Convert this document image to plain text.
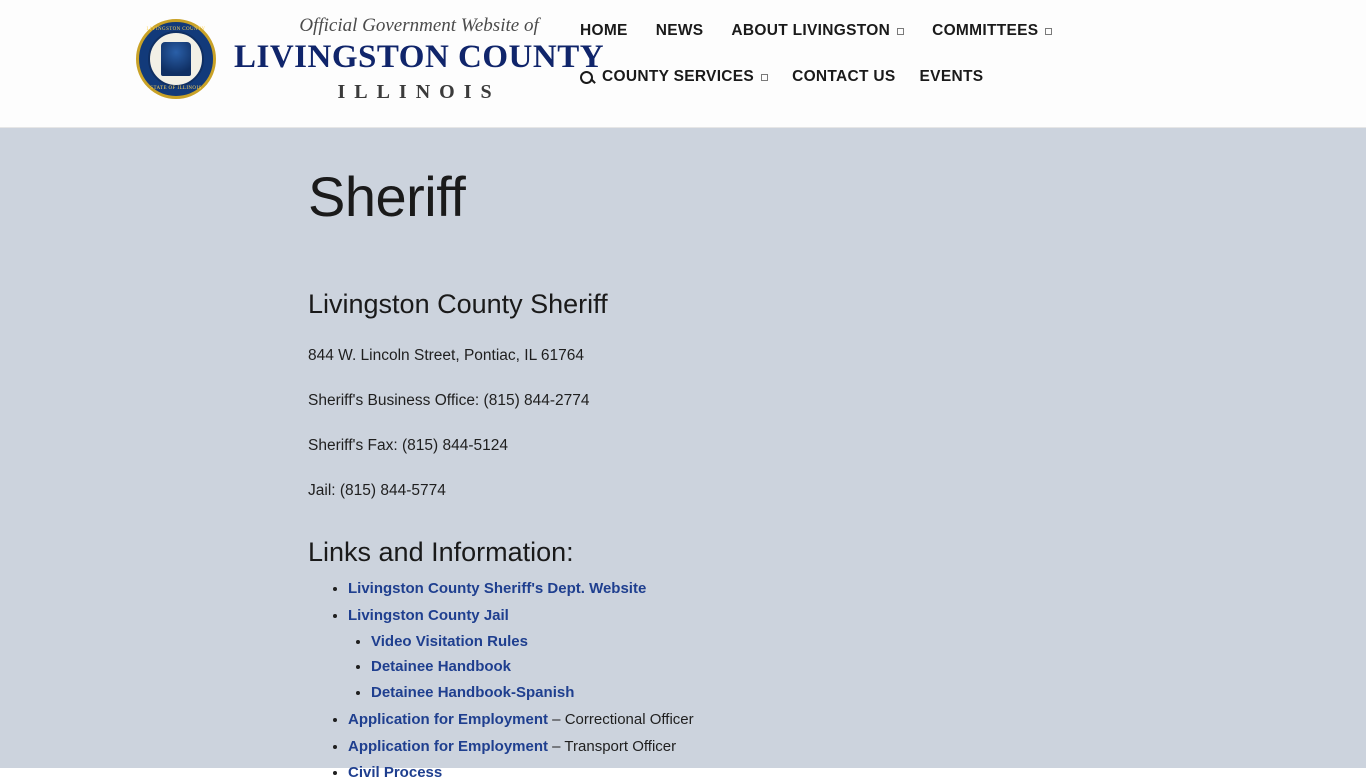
LIVINGSTON COUNTY
STATE OF ILLINOIS
Official Government Website of
LIVINGSTON COUNTY
ILLINOIS
HOME NEWS ABOUT LIVINGSTON	COMMITTEES
COUNTY SERVICES CONTACT US EVENTS
Sheriff
Livingston County Sheriff

844 W. Lincoln Street, Pontiac, IL 61764

Sheriff's Business Office: (815) 844-2774

Sheriff's Fax: (815) 844-5124

Jail: (815) 844-5774

Links and Information:
• Livingston County Sheriff's Dept. Website
• Livingston County Jail
• Video Visitation Rules
• Detainee Handbook
• Detainee Handbook-Spanish
• Application for Employment – Correctional Officer
• Application for Employment – Transport Officer
• Civil Process
